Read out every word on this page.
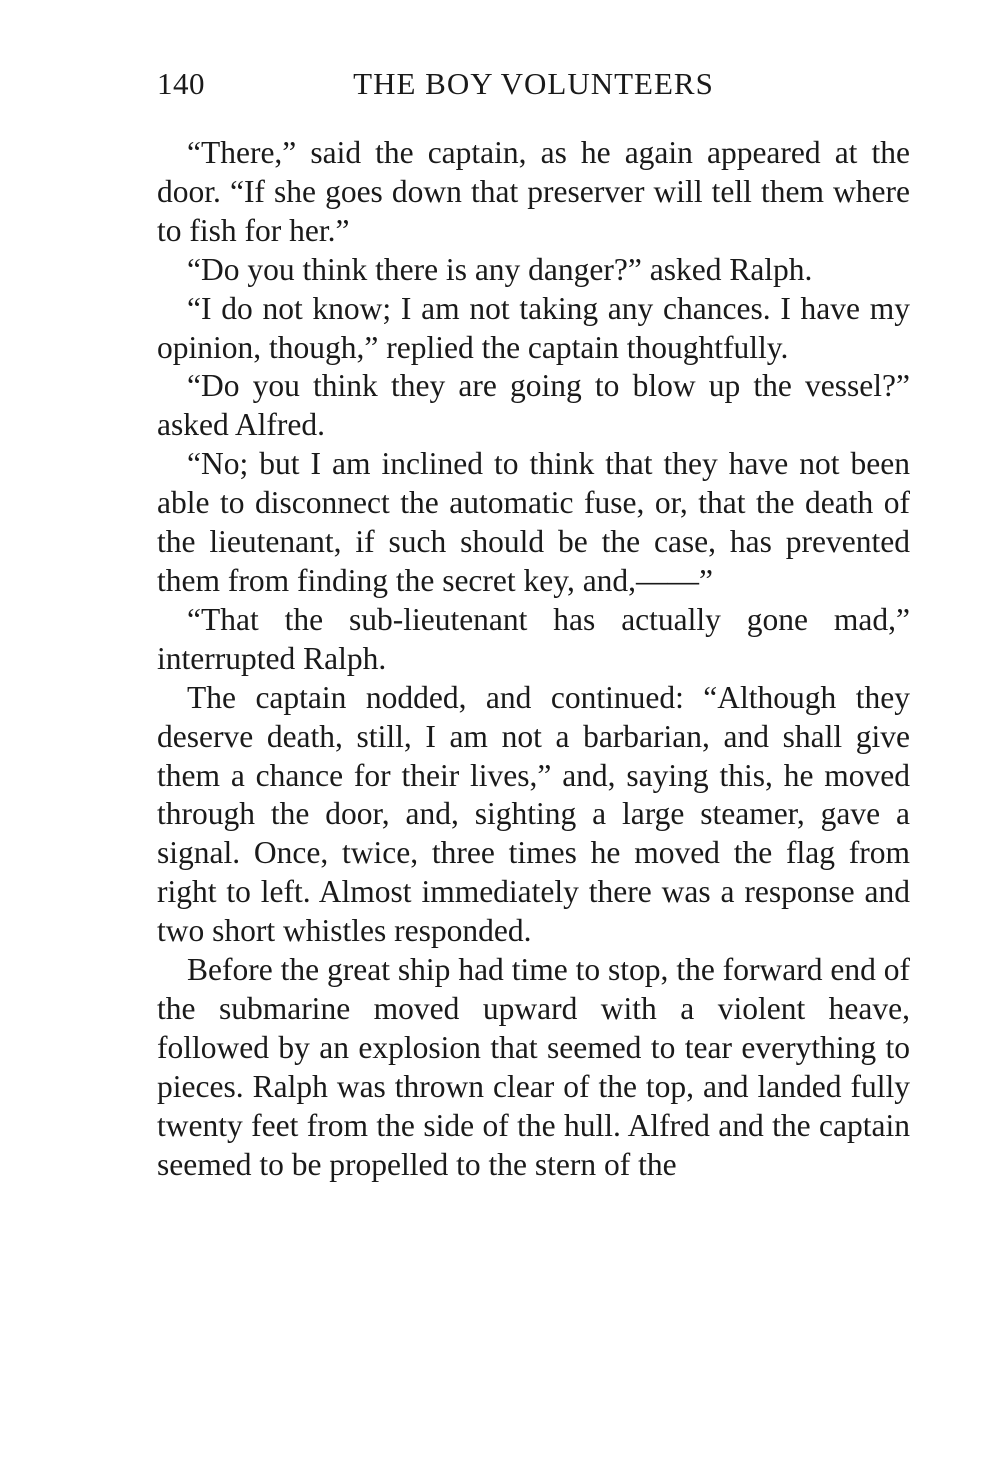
140	THE BOY VOLUNTEERS

“There,” said the captain, as he again appeared at the door. “If she goes down that preserver will tell them where to fish for her.”

“Do you think there is any danger?” asked Ralph.

“I do not know; I am not taking any chances. I have my opinion, though,” replied the captain thoughtfully.

“Do you think they are going to blow up the vessel?” asked Alfred.

“No; but I am inclined to think that they have not been able to disconnect the automatic fuse, or, that the death of the lieutenant, if such should be the case, has prevented them from finding the secret key, and,——”

“That the sub-lieutenant has actually gone mad,” interrupted Ralph.

The captain nodded, and continued: “Although they deserve death, still, I am not a barbarian, and shall give them a chance for their lives,” and, saying this, he moved through the door, and, sighting a large steamer, gave a signal. Once, twice, three times he moved the flag from right to left. Almost immediately there was a response and two short whistles responded.

Before the great ship had time to stop, the forward end of the submarine moved upward with a violent heave, followed by an explosion that seemed to tear everything to pieces. Ralph was thrown clear of the top, and landed fully twenty feet from the side of the hull. Alfred and the captain seemed to be propelled to the stern of the
